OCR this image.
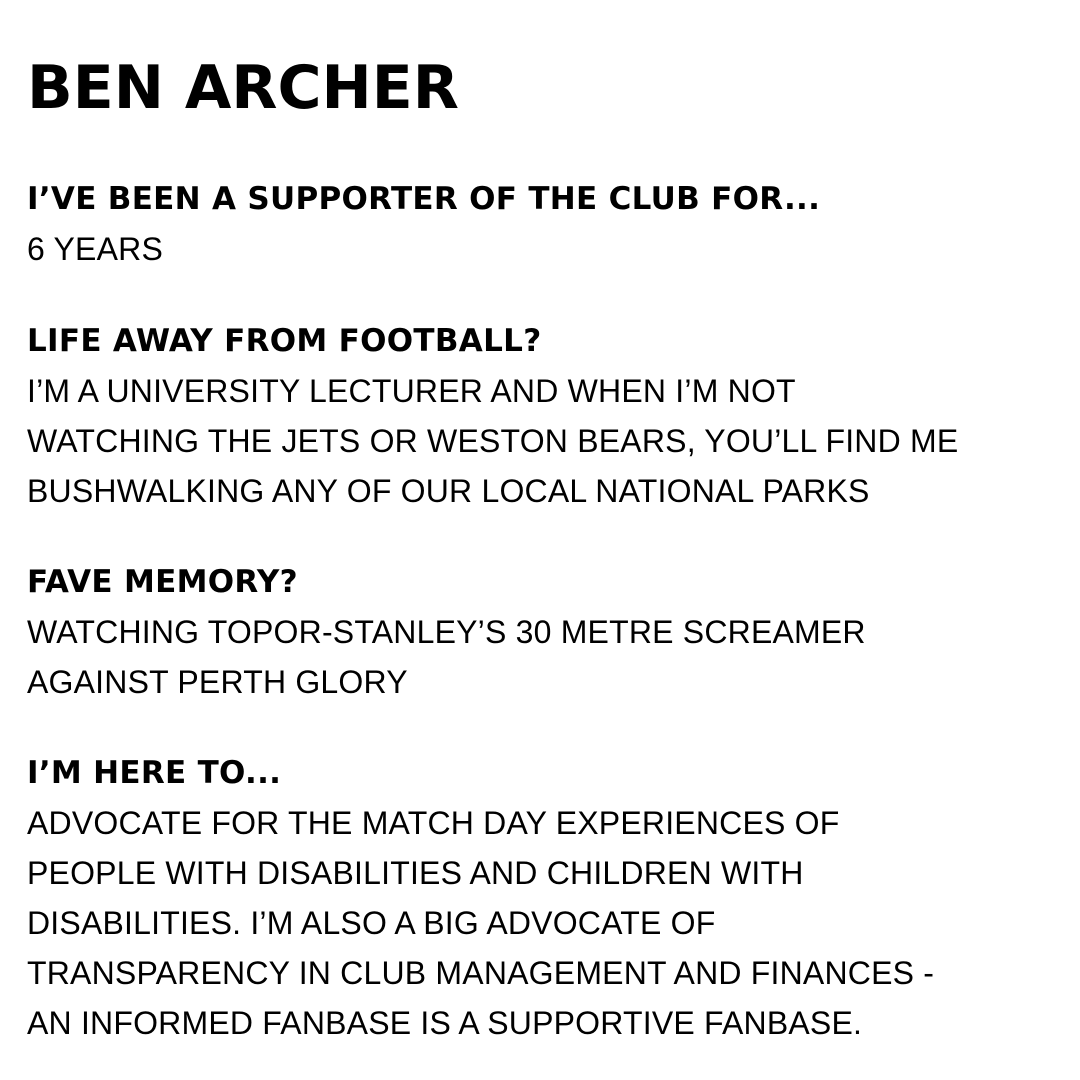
BEN ARCHER

I’VE BEEN A SUPPORTER OF THE CLUB FOR...

6 YEARS

LIFE AWAY FROM FOOTBALL?

I’M A UNIVERSITY LECTURER AND WHEN I’M NOT
WATCHING THE JETS OR WESTON BEARS, YOU’LL FIND ME
BUSHWALKING ANY OF OUR LOCAL NATIONAL PARKS

FAVE MEMORY?

WATCHING TOPOR-STANLEY’S 30 METRE SCREAMER
AGAINST PERTH GLORY

I’M HERE TO...

ADVOCATE FOR THE MATCH DAY EXPERIENCES OF
PEOPLE WITH DISABILITIES AND CHILDREN WITH
DISABILITIES. I’M ALSO A BIG ADVOCATE OF
TRANSPARENCY IN CLUB MANAGEMENT AND FINANCES -
AN INFORMED FANBASE IS A SUPPORTIVE FANBASE.
